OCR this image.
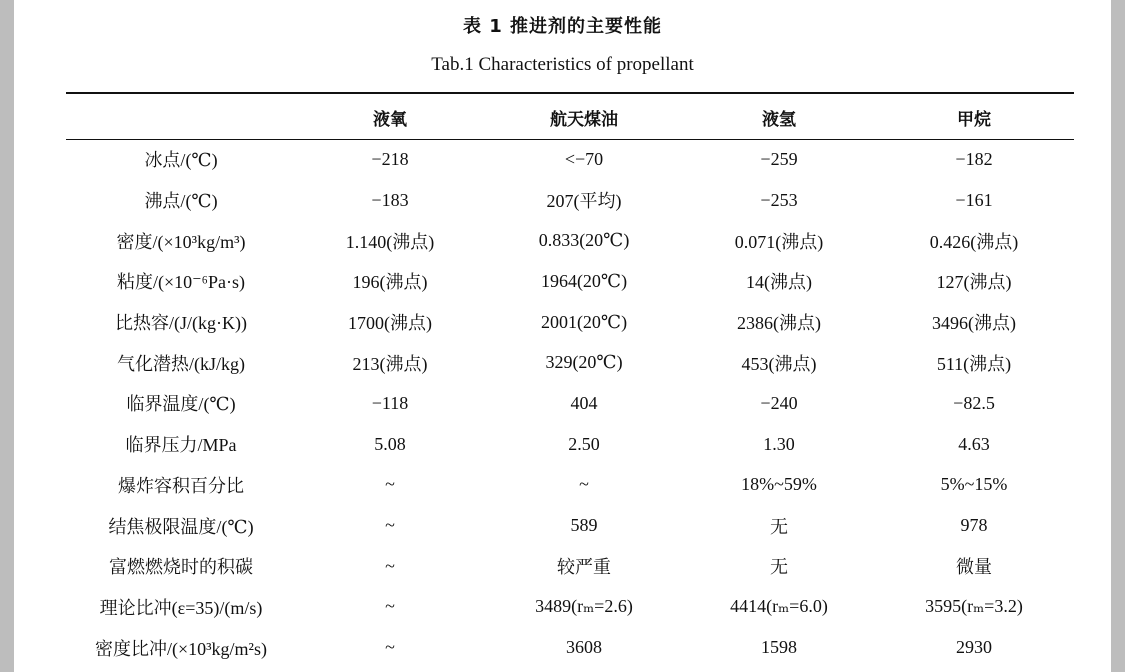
表 1 推进剂的主要性能
Tab.1 Characteristics of propellant
	液氧	航天煤油	液氢	甲烷
冰点/(℃)	−218	<−70	−259	−182
沸点/(℃)	−183	207(平均)	−253	−161
密度/(×10³kg/m³)	1.140(沸点)	0.833(20℃)	0.071(沸点)	0.426(沸点)
粘度/(×10⁻⁶Pa·s)	196(沸点)	1964(20℃)	14(沸点)	127(沸点)
比热容/(J/(kg·K))	1700(沸点)	2001(20℃)	2386(沸点)	3496(沸点)
气化潜热/(kJ/kg)	213(沸点)	329(20℃)	453(沸点)	511(沸点)
临界温度/(℃)	−118	404	−240	−82.5
临界压力/MPa	5.08	2.50	1.30	4.63
爆炸容积百分比	~	~	18%~59%	5%~15%
结焦极限温度/(℃)	~	589	无	978
富燃燃烧时的积碳	~	较严重	无	微量
理论比冲(ε=35)/(m/s)	~	3489(rₘ=2.6)	4414(rₘ=6.0)	3595(rₘ=3.2)
密度比冲/(×10³kg/m²s)	~	3608	1598	2930
